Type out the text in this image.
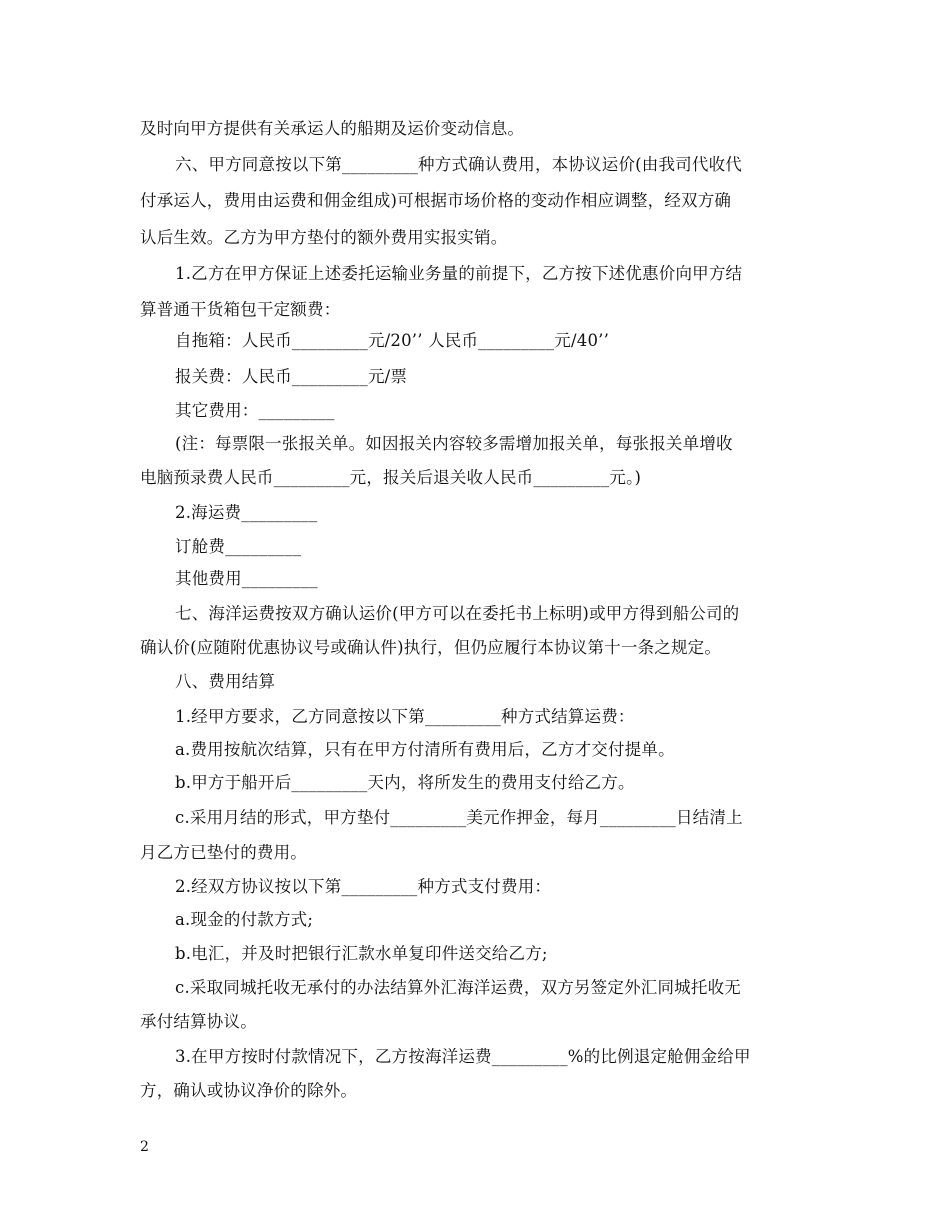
及时向甲方提供有关承运人的船期及运价变动信息。
六、甲方同意按以下第_________种方式确认费用，本协议运价(由我司代收代
付承运人，费用由运费和佣金组成)可根据市场价格的变动作相应调整，经双方确
认后生效。乙方为甲方垫付的额外费用实报实销。
1.乙方在甲方保证上述委托运输业务量的前提下，乙方按下述优惠价向甲方结
算普通干货箱包干定额费：
自拖箱：人民币_________元/20’’ 人民币_________元/40’’
报关费：人民币_________元/票
其它费用：_________
(注：每票限一张报关单。如因报关内容较多需增加报关单，每张报关单增收
电脑预录费人民币_________元，报关后退关收人民币_________元。)
2.海运费_________
订舱费_________
其他费用_________
七、海洋运费按双方确认运价(甲方可以在委托书上标明)或甲方得到船公司的
确认价(应随附优惠协议号或确认件)执行，但仍应履行本协议第十一条之规定。
八、费用结算
1.经甲方要求，乙方同意按以下第_________种方式结算运费：
a.费用按航次结算，只有在甲方付清所有费用后，乙方才交付提单。
b.甲方于船开后_________天内，将所发生的费用支付给乙方。
c.采用月结的形式，甲方垫付_________美元作押金，每月_________日结清上
月乙方已垫付的费用。
2.经双方协议按以下第_________种方式支付费用：
a.现金的付款方式;
b.电汇，并及时把银行汇款水单复印件送交给乙方;
c.采取同城托收无承付的办法结算外汇海洋运费，双方另签定外汇同城托收无
承付结算协议。
3.在甲方按时付款情况下，乙方按海洋运费_________%的比例退定舱佣金给甲
方，确认或协议净价的除外。
2
